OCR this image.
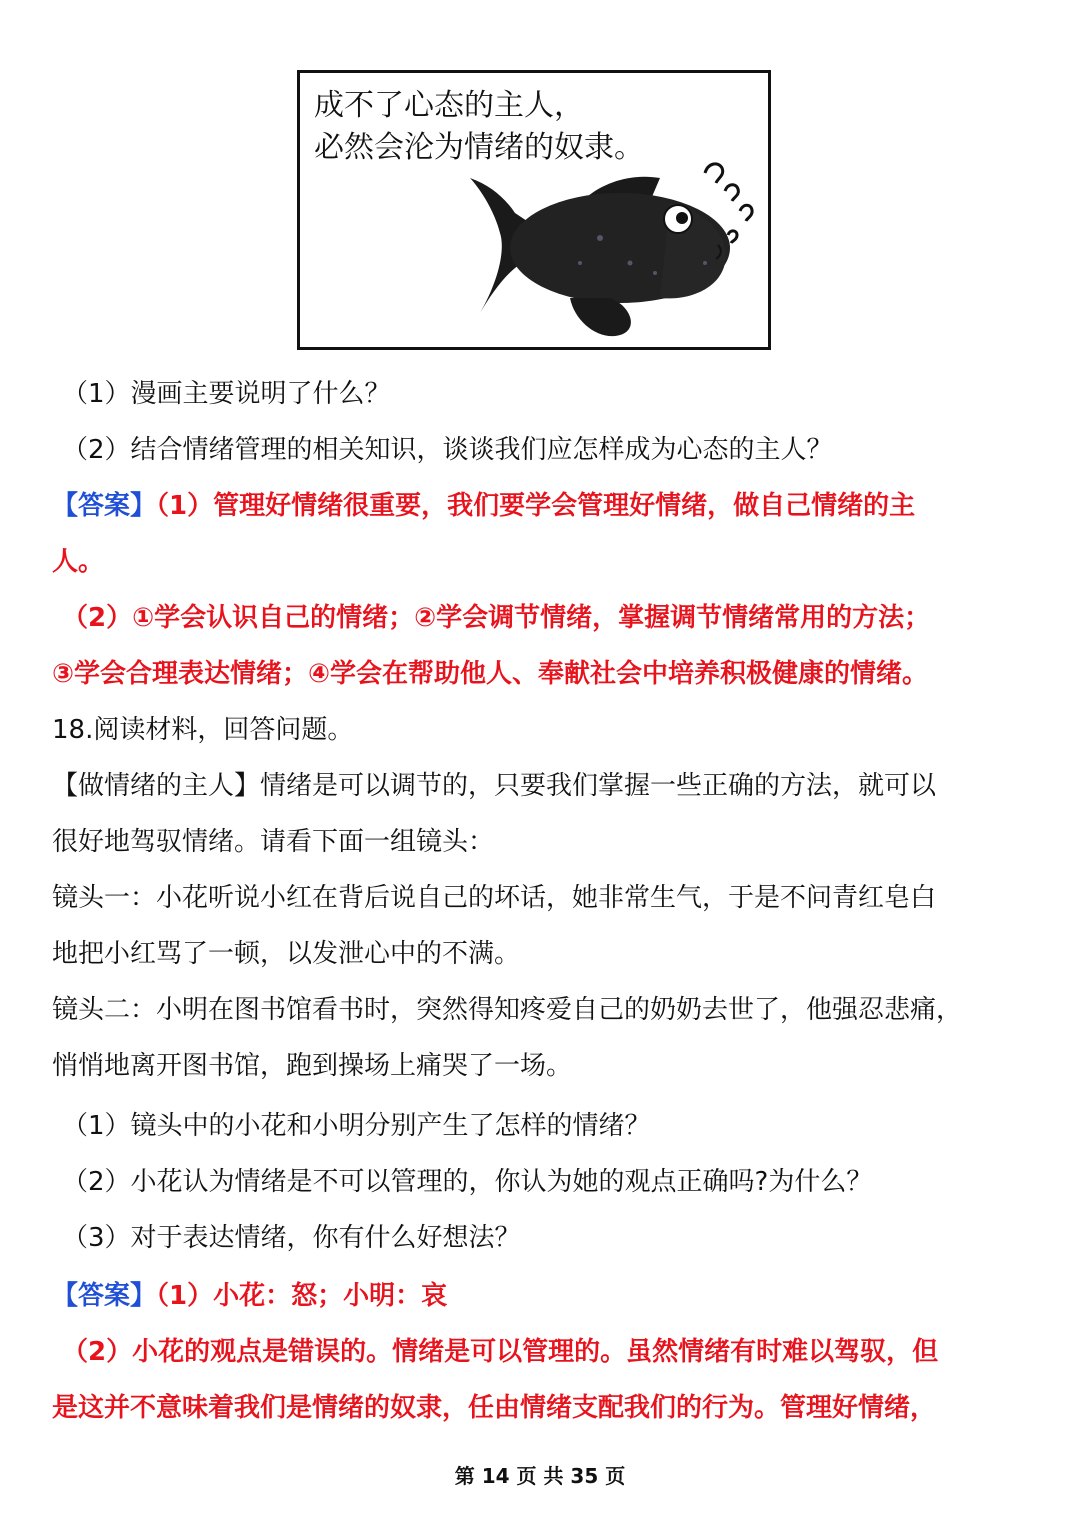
成不了心态的主人，
必然会沦为情绪的奴隶。
（1）漫画主要说明了什么？
（2）结合情绪管理的相关知识，谈谈我们应怎样成为心态的主人？
【答案】（1）管理好情绪很重要，我们要学会管理好情绪，做自己情绪的主
人。
（2）①学会认识自己的情绪；②学会调节情绪，掌握调节情绪常用的方法；
③学会合理表达情绪；④学会在帮助他人、奉献社会中培养积极健康的情绪。
18.阅读材料，回答问题。
【做情绪的主人】情绪是可以调节的，只要我们掌握一些正确的方法，就可以
很好地驾驭情绪。请看下面一组镜头：
镜头一：小花听说小红在背后说自己的坏话，她非常生气，于是不问青红皂白
地把小红骂了一顿，以发泄心中的不满。
镜头二：小明在图书馆看书时，突然得知疼爱自己的奶奶去世了，他强忍悲痛，
悄悄地离开图书馆，跑到操场上痛哭了一场。
（1）镜头中的小花和小明分别产生了怎样的情绪？
（2）小花认为情绪是不可以管理的，你认为她的观点正确吗?为什么？
（3）对于表达情绪，你有什么好想法？
【答案】（1）小花：怒；小明：哀
（2）小花的观点是错误的。情绪是可以管理的。虽然情绪有时难以驾驭，但
是这并不意味着我们是情绪的奴隶，任由情绪支配我们的行为。管理好情绪，
第 14 页 共 35 页
